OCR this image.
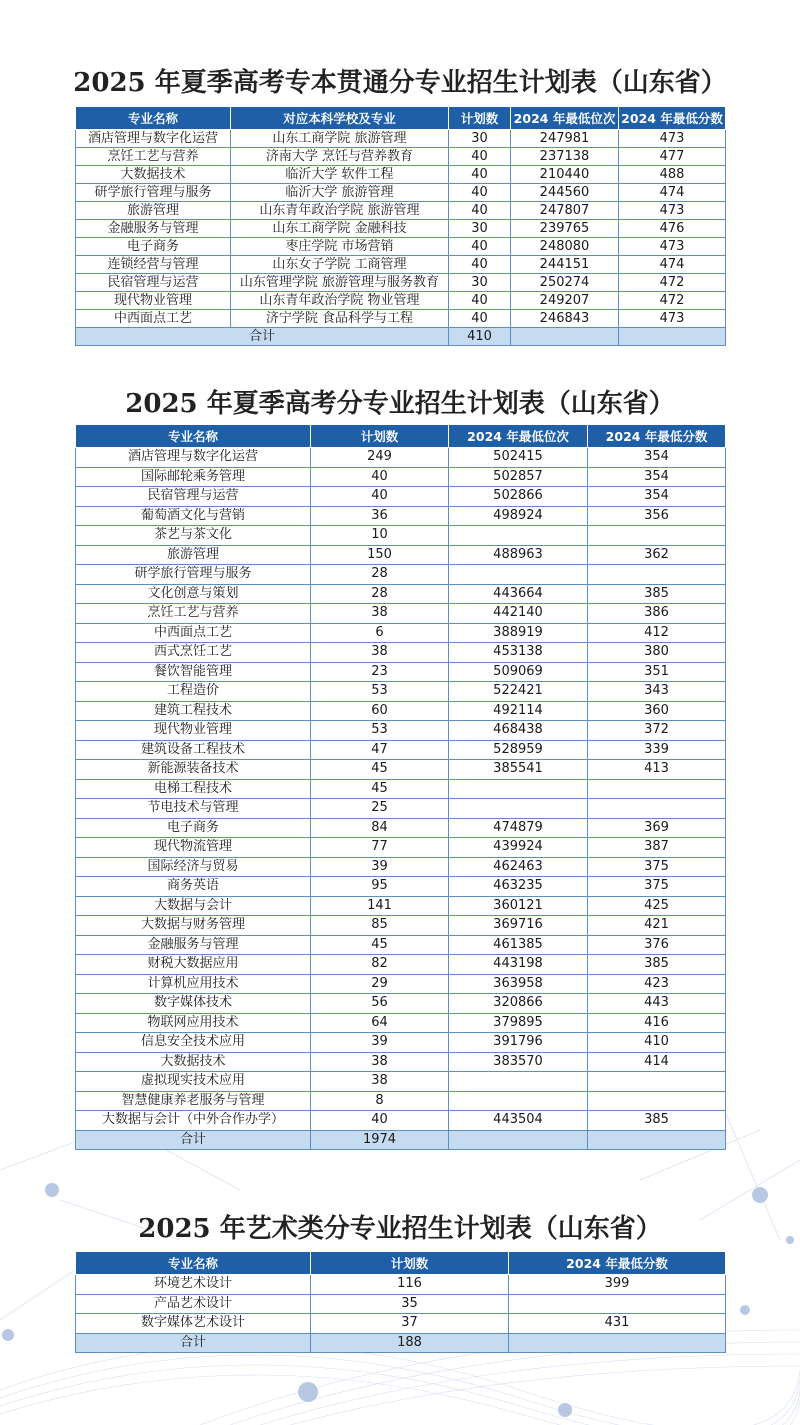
2025 年夏季高考专本贯通分专业招生计划表（山东省）
专业名称	对应本科学校及专业	计划数	2024 年最低位次	2024 年最低分数
酒店管理与数字化运营	山东工商学院 旅游管理	30	247981	473
烹饪工艺与营养	济南大学 烹饪与营养教育	40	237138	477
大数据技术	临沂大学 软件工程	40	210440	488
研学旅行管理与服务	临沂大学 旅游管理	40	244560	474
旅游管理	山东青年政治学院 旅游管理	40	247807	473
金融服务与管理	山东工商学院 金融科技	30	239765	476
电子商务	枣庄学院 市场营销	40	248080	473
连锁经营与管理	山东女子学院 工商管理	40	244151	474
民宿管理与运营	山东管理学院 旅游管理与服务教育	30	250274	472
现代物业管理	山东青年政治学院 物业管理	40	249207	472
中西面点工艺	济宁学院 食品科学与工程	40	246843	473
合计		410		
2025 年夏季高考分专业招生计划表（山东省）
专业名称	计划数	2024 年最低位次	2024 年最低分数
酒店管理与数字化运营	249	502415	354
国际邮轮乘务管理	40	502857	354
民宿管理与运营	40	502866	354
葡萄酒文化与营销	36	498924	356
茶艺与茶文化	10		
旅游管理	150	488963	362
研学旅行管理与服务	28		
文化创意与策划	28	443664	385
烹饪工艺与营养	38	442140	386
中西面点工艺	6	388919	412
西式烹饪工艺	38	453138	380
餐饮智能管理	23	509069	351
工程造价	53	522421	343
建筑工程技术	60	492114	360
现代物业管理	53	468438	372
建筑设备工程技术	47	528959	339
新能源装备技术	45	385541	413
电梯工程技术	45		
节电技术与管理	25		
电子商务	84	474879	369
现代物流管理	77	439924	387
国际经济与贸易	39	462463	375
商务英语	95	463235	375
大数据与会计	141	360121	425
大数据与财务管理	85	369716	421
金融服务与管理	45	461385	376
财税大数据应用	82	443198	385
计算机应用技术	29	363958	423
数字媒体技术	56	320866	443
物联网应用技术	64	379895	416
信息安全技术应用	39	391796	410
大数据技术	38	383570	414
虚拟现实技术应用	38		
智慧健康养老服务与管理	8		
大数据与会计（中外合作办学）	40	443504	385
合计	1974		
2025 年艺术类分专业招生计划表（山东省）
专业名称	计划数	2024 年最低分数
环境艺术设计	116	399
产品艺术设计	35	
数字媒体艺术设计	37	431
合计	188	
